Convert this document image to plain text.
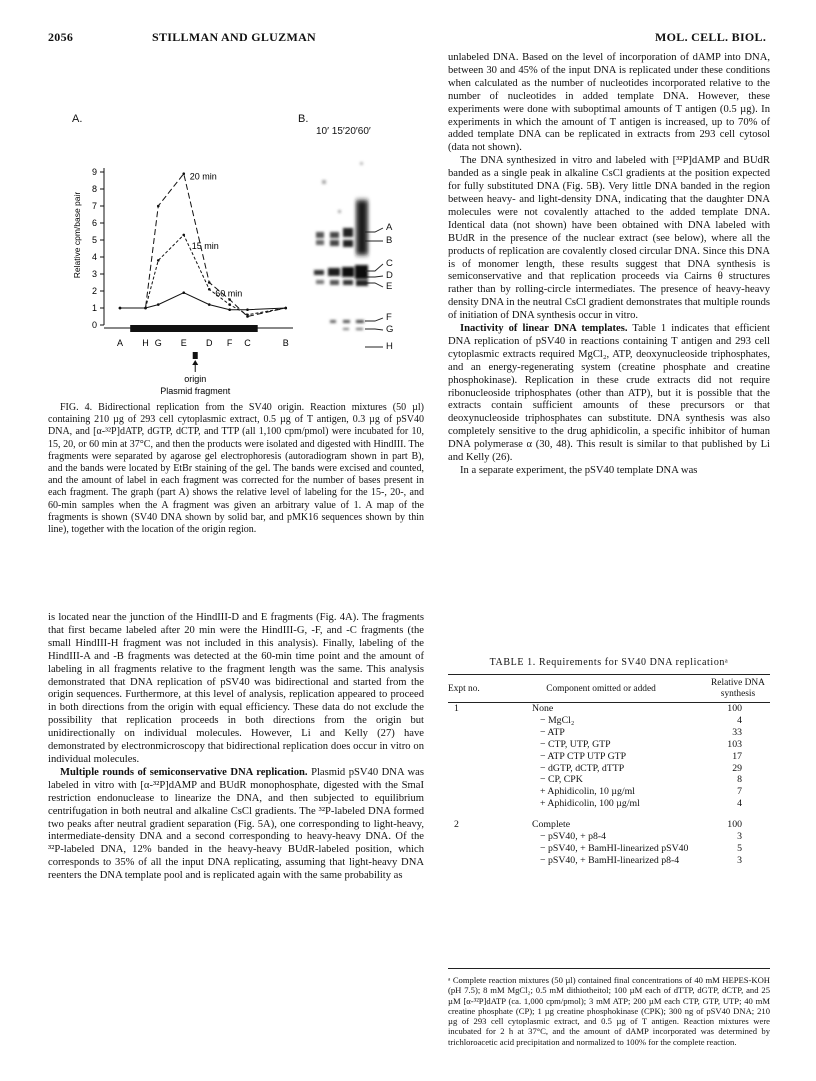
2056	STILLMAN AND GLUZMAN	MOL. CELL. BIOL.
A.	B.
10′ 15′20′60′
0
1
2
3
4
5
6
7
8
9	20 min
15 min
60 min
A H G E D F C	B
Relative cpm/base pair
origin
Plasmid fragment
A
B
C
D
E
F
G
H

FIG. 4. Bidirectional replication from the SV40 origin. Reaction mixtures (50 µl) containing 210 µg of 293 cell cytoplasmic extract, 0.5 µg of T antigen, 0.3 µg of pSV40 DNA, and [α-³²P]dATP, dGTP, dCTP, and TTP (all 1,100 cpm/pmol) were incubated for 10, 15, 20, or 60 min at 37°C, and then the products were isolated and digested with HindIII. The fragments were separated by agarose gel electrophoresis (autoradiogram shown in part B), and the bands were located by EtBr staining of the gel. The bands were excised and counted, and the amount of label in each fragment was corrected for the number of bases present in each fragment. The graph (part A) shows the relative level of labeling for the 15-, 20-, and 60-min samples when the A fragment was given an arbitrary value of 1. A map of the fragments is shown (SV40 DNA shown by solid bar, and pMK16 sequences shown by thin line), together with the location of the origin region.

is located near the junction of the HindIII-D and E fragments (Fig. 4A). The fragments that first became labeled after 20 min were the HindIII-G, -F, and -C fragments (the small HindIII-H fragment was not included in this analysis). Finally, labeling of the HindIII-A and -B fragments was detected at the 60-min time point and the amount of labeling in all fragments relative to the fragment length was the same. This analysis demonstrated that DNA replication of pSV40 was bidirectional and started from the origin sequences. Furthermore, at this level of analysis, replication appeared to proceed in both directions from the origin with equal efficiency. These data do not exclude the possibility that replication proceeds in both directions from the origin but unidirectionally on individual molecules. However, Li and Kelly (27) have demonstrated by electronmicroscopy that bidirectional replication does occur in vitro on individual molecules.

Multiple rounds of semiconservative DNA replication. Plasmid pSV40 DNA was labeled in vitro with [α-³²P]dAMP and BUdR monophosphate, digested with the SmaI restriction endonuclease to linearize the DNA, and then subjected to equilibrium centrifugation in both neutral and alkaline CsCl gradients. The ³²P-labeled DNA formed two peaks after neutral gradient separation (Fig. 5A), one corresponding to light-heavy, intermediate-density DNA and a second corresponding to heavy-heavy DNA. Of the ³²P-labeled DNA, 12% banded in the heavy-heavy BUdR-labeled position, which corresponds to 35% of all the input DNA replicating, assuming that light-heavy DNA reenters the DNA template pool and is replicated again with the same probability as

unlabeled DNA. Based on the level of incorporation of dAMP into DNA, between 30 and 45% of the input DNA is replicated under these conditions when calculated as the number of nucleotides incorporated relative to the number of nucleotides in added template DNA. However, these experiments were done with suboptimal amounts of T antigen (0.5 µg). In experiments in which the amount of T antigen is increased, up to 70% of added template DNA can be replicated in extracts from 293 cell cytosol (data not shown).

The DNA synthesized in vitro and labeled with [³²P]dAMP and BUdR banded as a single peak in alkaline CsCl gradients at the position expected for fully substituted DNA (Fig. 5B). Very little DNA banded in the region between heavy- and light-density DNA, indicating that the daughter DNA molecules were not covalently attached to the added template DNA. Identical data (not shown) have been obtained with DNA labeled with BUdR in the presence of the nuclear extract (see below), where all the products of replication are covalently closed circular DNA. Since this DNA is of monomer length, these results suggest that DNA synthesis is semiconservative and that replication proceeds via Cairns θ structures rather than by rolling-circle intermediates. The presence of heavy-heavy density DNA in the neutral CsCl gradient demonstrates that multiple rounds of initiation of DNA synthesis occur in vitro.

Inactivity of linear DNA templates. Table 1 indicates that efficient DNA replication of pSV40 in reactions containing T antigen and 293 cell cytoplasmic extracts required MgCl₂, ATP, deoxynucleoside triphosphates, and an energy-regenerating system (creatine phosphate and creatine phosphokinase). Replication in these crude extracts did not require ribonucleoside triphosphates (other than ATP), but it is possible that the extracts contain sufficient amounts of these precursors or that deoxynucleoside triphosphates can substitute. DNA synthesis was also completely sensitive to the drug aphidicolin, a specific inhibitor of human DNA polymerase α (30, 48). This result is similar to that published by Li and Kelly (26).

In a separate experiment, the pSV40 template DNA was

TABLE 1. Requirements for SV40 DNA replicationᵃ
Expt no.	Component omitted or added	Relative DNA
synthesis

1	None	100
	− MgCl₂	4
	− ATP	33
	− CTP, UTP, GTP	103
	− ATP CTP UTP GTP	17
	− dGTP, dCTP, dTTP	29
	− CP, CPK	8
	+ Aphidicolin, 10 µg/ml	7
	+ Aphidicolin, 100 µg/ml	4
2	Complete	100
	− pSV40, + p8-4	3
	− pSV40, + BamHI-linearized pSV40	5
	− pSV40, + BamHI-linearized p8-4	3
ᵃ Complete reaction mixtures (50 µl) contained final concentrations of 40 mM HEPES-KOH (pH 7.5); 8 mM MgCl₂; 0.5 mM dithiotheitol; 100 µM each of dTTP, dGTP, dCTP, and 25 µM [α-³²P]dATP (ca. 1,000 cpm/pmol); 3 mM ATP; 200 µM each CTP, GTP, UTP; 40 mM creatine phosphate (CP); 1 µg creatine phosphokinase (CPK); 300 ng of pSV40 DNA; 210 µg of 293 cell cytoplasmic extract, and 0.5 µg of T antigen. Reaction mixtures were incubated for 2 h at 37°C, and the amount of dAMP incorporated was determined by trichloroacetic acid precipitation and normalized to 100% for the complete reaction.
